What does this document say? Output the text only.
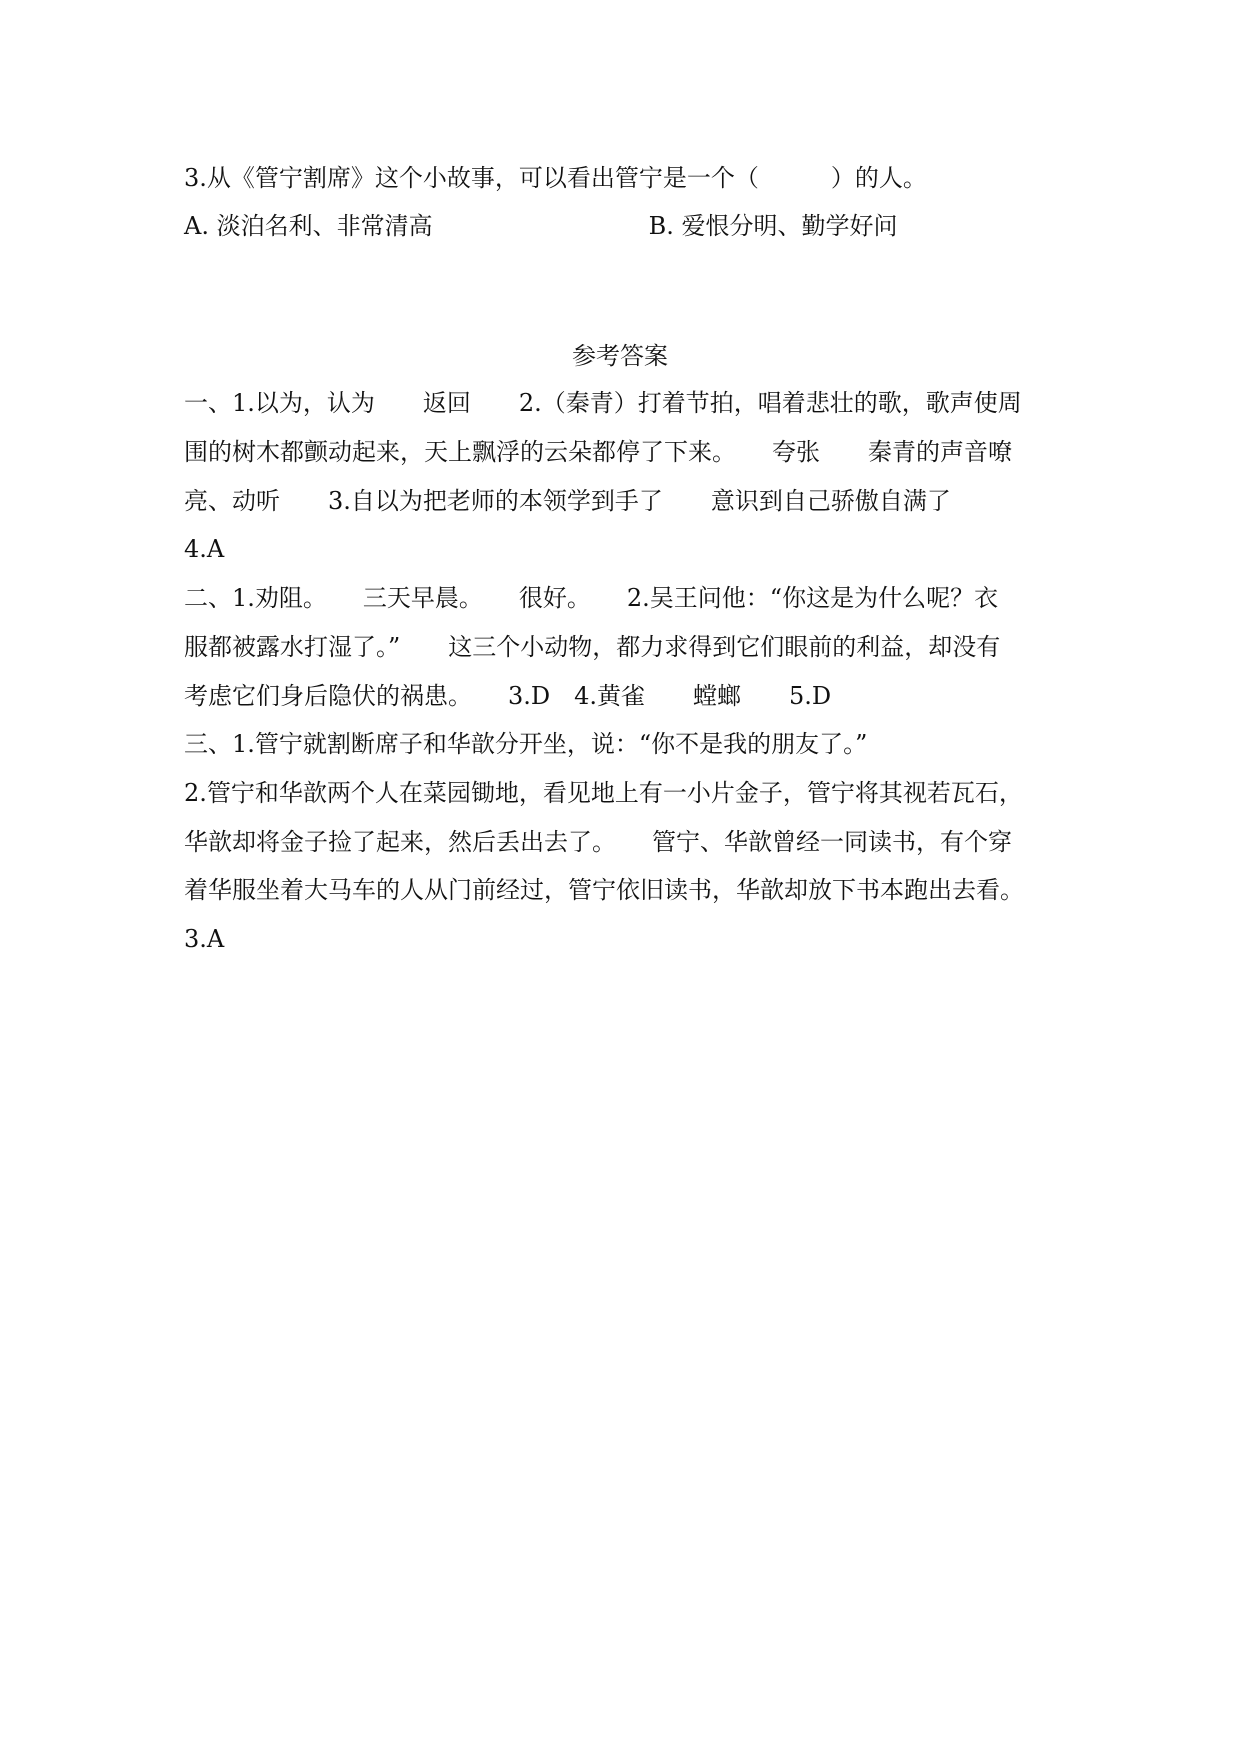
3.从《管宁割席》这个小故事，可以看出管宁是一个（　　　）的人。
A. 淡泊名利、非常清高　　　　　　　　　B. 爱恨分明、勤学好问
参考答案
一、1.以为，认为　　返回　　2.（秦青）打着节拍，唱着悲壮的歌，歌声使周
围的树木都颤动起来，天上飘浮的云朵都停了下来。　　夸张　　秦青的声音嘹
亮、动听　　3.自以为把老师的本领学到手了　　意识到自己骄傲自满了
4.A
二、1.劝阻。　　三天早晨。　　很好。　　2.吴王问他：“你这是为什么呢？衣
服都被露水打湿了。”　　这三个小动物，都力求得到它们眼前的利益，却没有
考虑它们身后隐伏的祸患。　　3.D　4.黄雀　　螳螂　　5.D
三、1.管宁就割断席子和华歆分开坐，说：“你不是我的朋友了。”
2.管宁和华歆两个人在菜园锄地，看见地上有一小片金子，管宁将其视若瓦石，
华歆却将金子捡了起来，然后丢出去了。　　管宁、华歆曾经一同读书，有个穿
着华服坐着大马车的人从门前经过，管宁依旧读书，华歆却放下书本跑出去看。
3.A
